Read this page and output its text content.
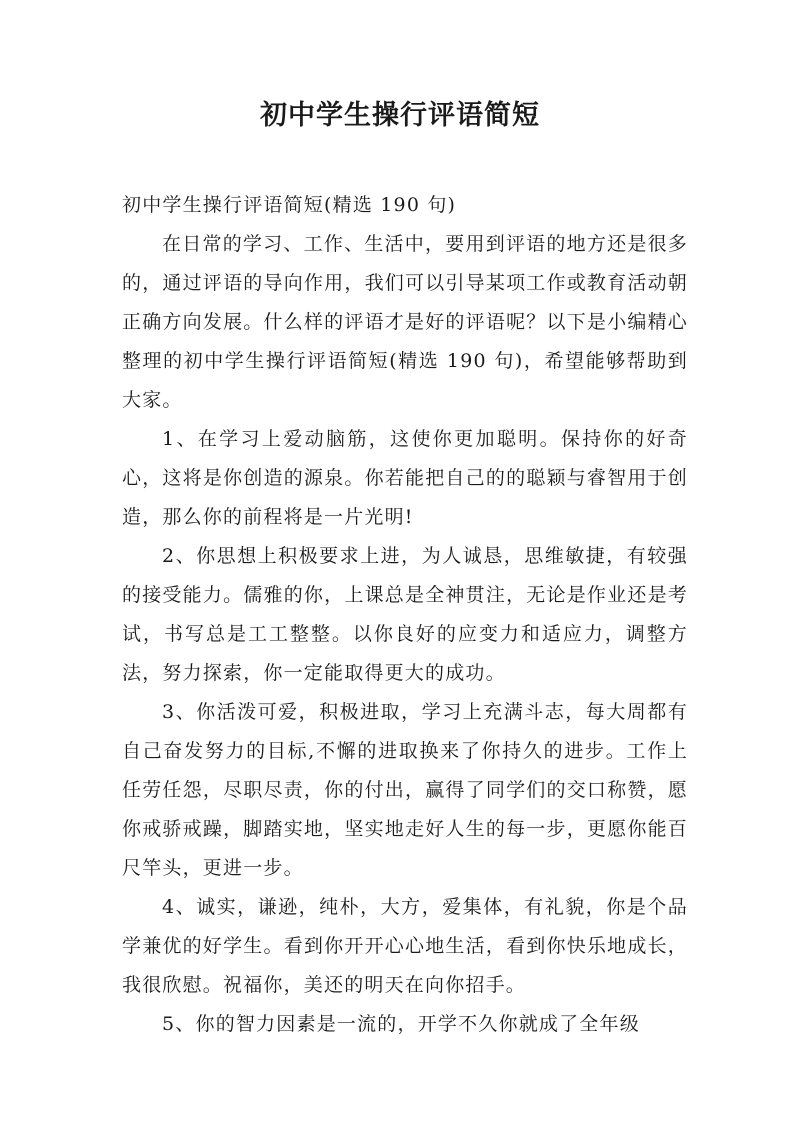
初中学生操行评语简短

初中学生操行评语简短(精选 190 句)

在日常的学习、工作、生活中，要用到评语的地方还是很多的，通过评语的导向作用，我们可以引导某项工作或教育活动朝正确方向发展。什么样的评语才是好的评语呢？以下是小编精心整理的初中学生操行评语简短(精选 190 句)，希望能够帮助到大家。

1、在学习上爱动脑筋，这使你更加聪明。保持你的好奇心，这将是你创造的源泉。你若能把自己的的聪颖与睿智用于创造，那么你的前程将是一片光明!

2、你思想上积极要求上进，为人诚恳，思维敏捷，有较强的接受能力。儒雅的你，上课总是全神贯注，无论是作业还是考试，书写总是工工整整。以你良好的应变力和适应力，调整方法，努力探索，你一定能取得更大的成功。

3、你活泼可爱，积极进取，学习上充满斗志，每大周都有自己奋发努力的目标,不懈的进取换来了你持久的进步。工作上任劳任怨，尽职尽责，你的付出，赢得了同学们的交口称赞，愿你戒骄戒躁，脚踏实地，坚实地走好人生的每一步，更愿你能百尺竿头，更进一步。

4、诚实，谦逊，纯朴，大方，爱集体，有礼貌，你是个品学兼优的好学生。看到你开开心心地生活，看到你快乐地成长，我很欣慰。祝福你，美还的明天在向你招手。

5、你的智力因素是一流的，开学不久你就成了全年级
